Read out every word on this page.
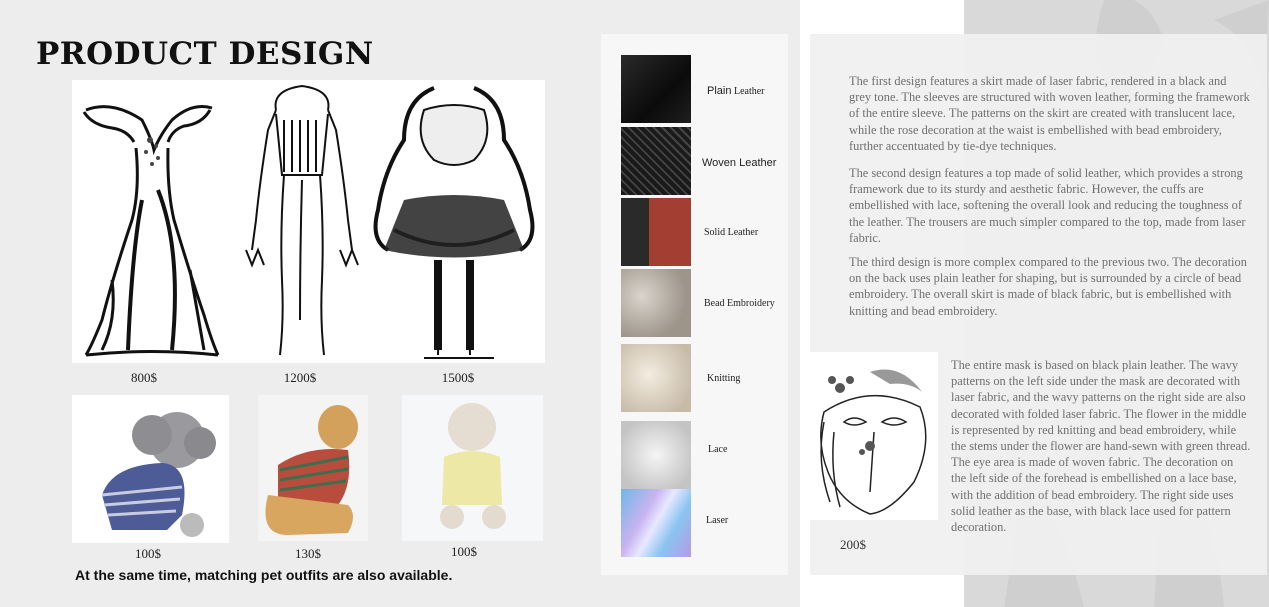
PRODUCT DESIGN
800$	1200$	1500$
100$	130$	100$
At the same time, matching pet outfits are also available.
Plain Leather
Woven Leather
Solid Leather
Bead Embroidery
Knitting
Lace
Laser
The first design features a skirt made of laser fabric, rendered in a black and grey tone. The sleeves are structured with woven leather, forming the framework of the entire sleeve. The patterns on the skirt are created with translucent lace, while the rose decoration at the waist is embellished with bead embroidery, further accentuated by tie-dye techniques.
The second design features a top made of solid leather, which provides a strong framework due to its sturdy and aesthetic fabric. However, the cuffs are embellished with lace, softening the overall look and reducing the toughness of the leather. The trousers are much simpler compared to the top, made from laser fabric.
The third design is more complex compared to the previous two. The decoration on the back uses plain leather for shaping, but is surrounded by a circle of bead embroidery. The overall skirt is made of black fabric, but is embellished with knitting and bead embroidery.
200$
The entire mask is based on black plain leather. The wavy patterns on the left side under the mask are decorated with laser fabric, and the wavy patterns on the right side are also decorated with folded laser fabric. The flower in the middle is represented by red knitting and bead embroidery, while the stems under the flower are hand-sewn with green thread. The eye area is made of woven fabric. The decoration on the left side of the forehead is embellished on a lace base, with the addition of bead embroidery. The right side uses solid leather as the base, with black lace used for pattern decoration.
